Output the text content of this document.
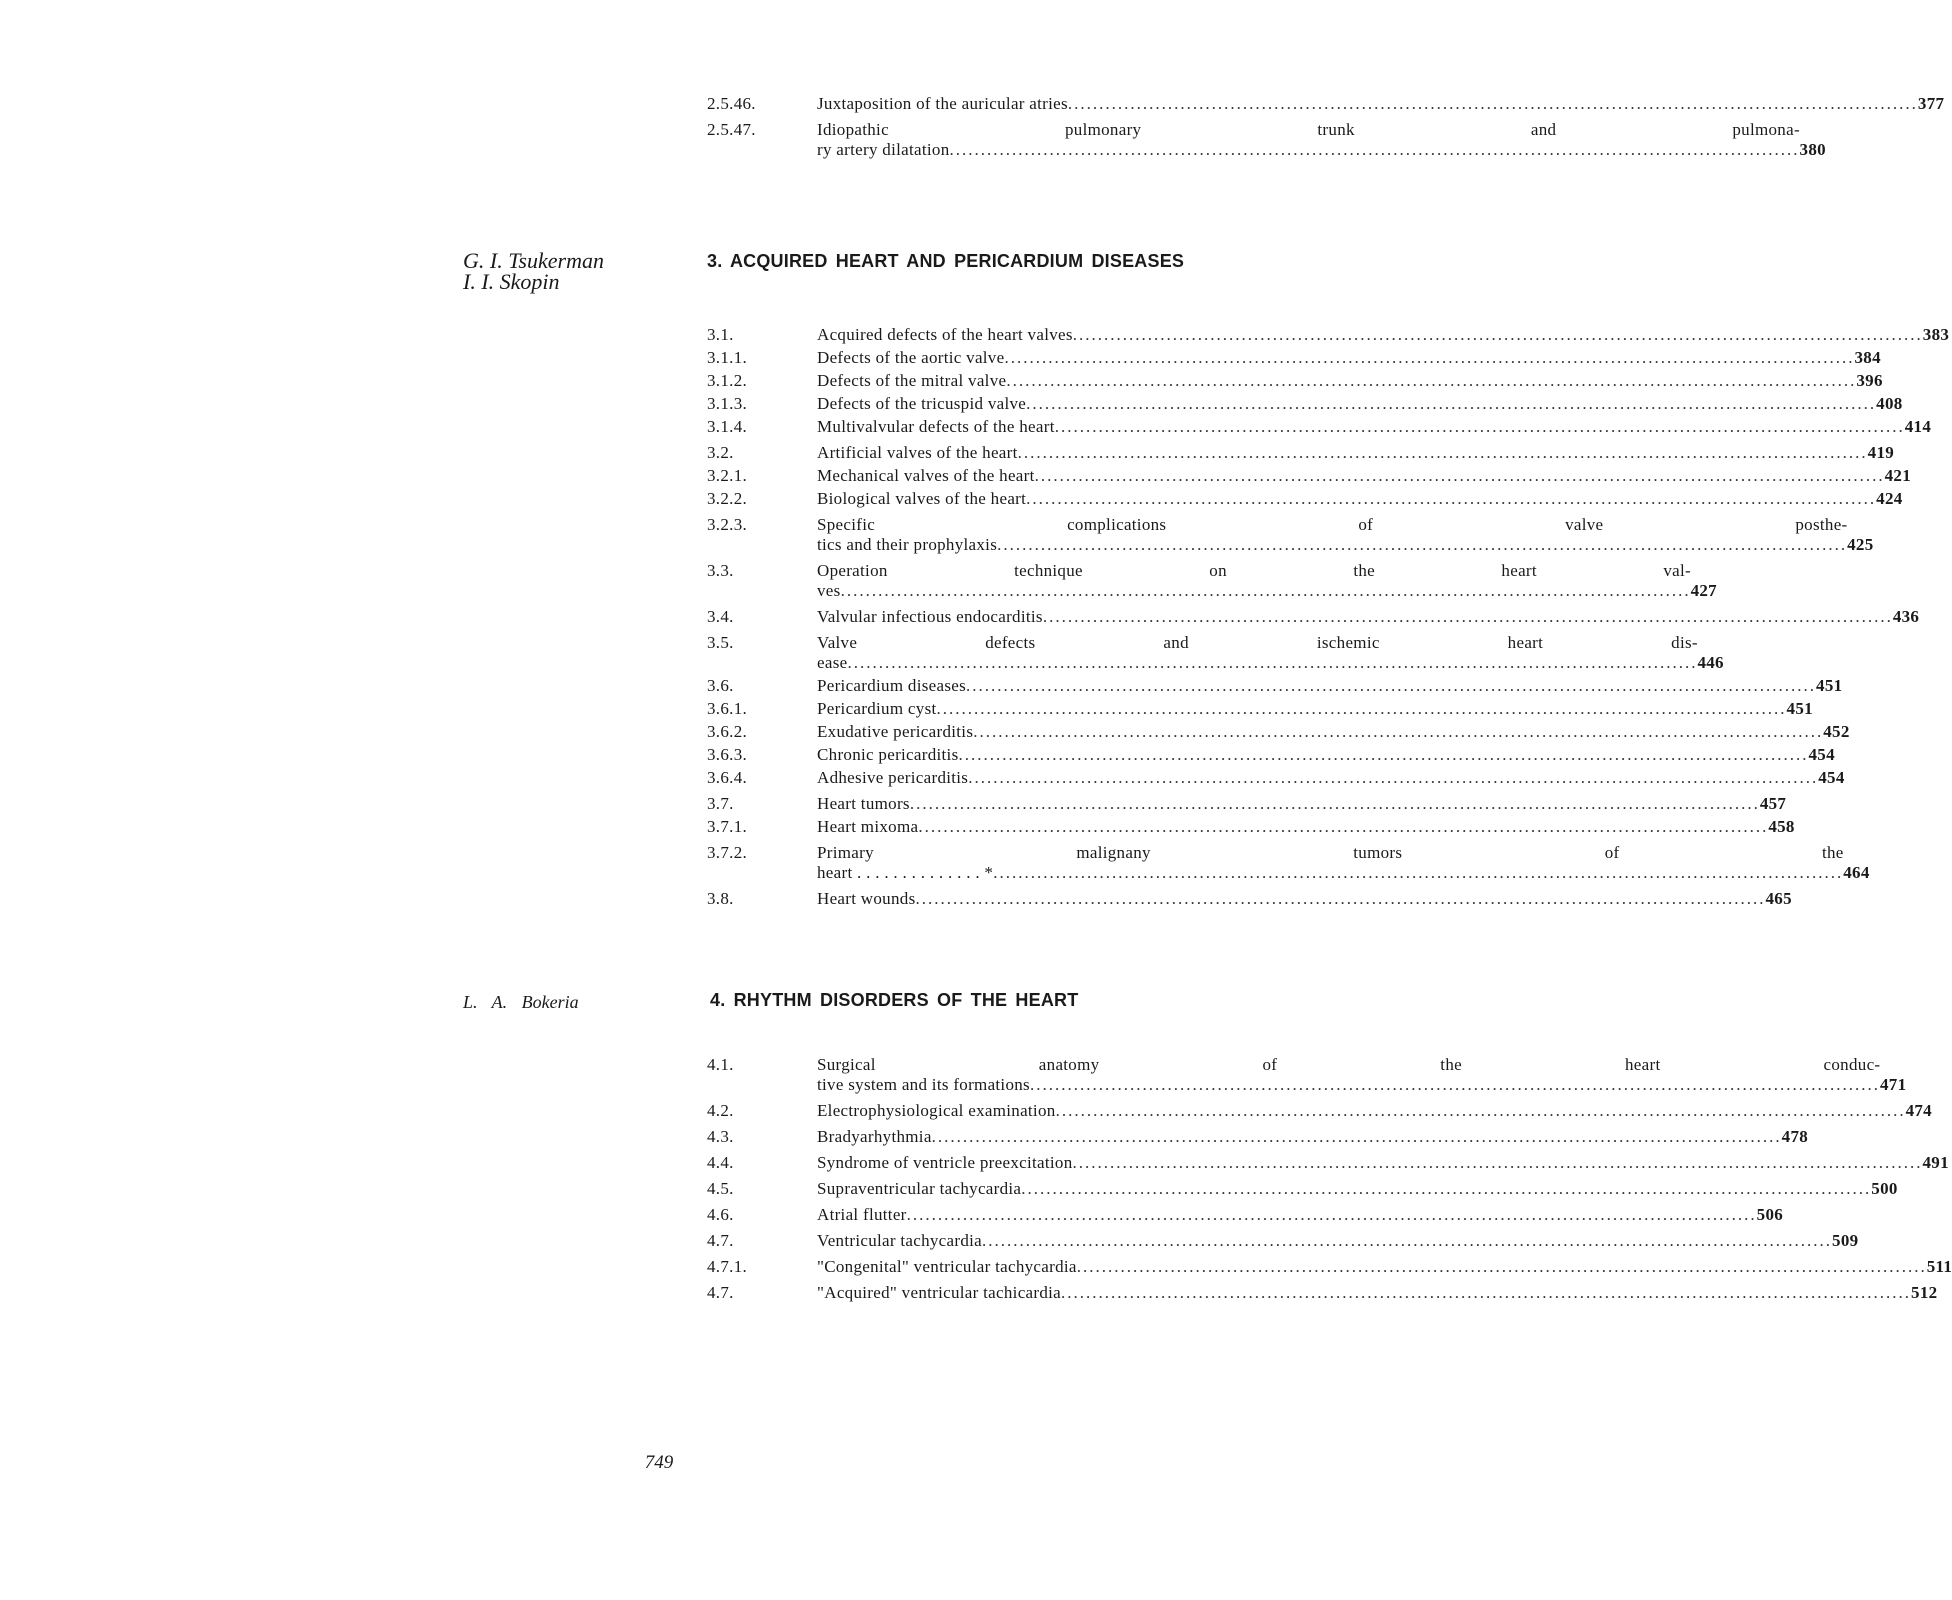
2.5.46.	Juxtaposition of the auricular atries .....	377
2.5.47.	Idiopathic pulmonary trunk and pulmona-
ry artery dilatation .....	380
G. I. Tsukerman
I. I. Skopin
3. ACQUIRED HEART AND PERICARDIUM DISEASES
3.1.	Acquired defects of the heart valves .....	383
3.1.1.	Defects of the aortic valve .....	384
3.1.2.	Defects of the mitral valve .....	396
3.1.3.	Defects of the tricuspid valve .....	408
3.1.4.	Multivalvular defects of the heart .....	414
3.2.	Artificial valves of the heart .....	419
3.2.1.	Mechanical valves of the heart .....	421
3.2.2.	Biological valves of the heart .....	424
3.2.3.	Specific complications of valve posthe-
tics and their prophylaxis .....	425
3.3.	Operation technique on the heart val-
ves .....	427
3.4.	Valvular infectious endocarditis .....	436
3.5.	Valve defects and ischemic heart dis-
ease .....	446
3.6.	Pericardium diseases .....	451
3.6.1.	Pericardium cyst .....	451
3.6.2.	Exudative pericarditis .....	452
3.6.3.	Chronic pericarditis .....	454
3.6.4.	Adhesive pericarditis .....	454
3.7.	Heart tumors .....	457
3.7.1.	Heart mixoma .....	458
3.7.2.	Primary malignany tumors of the
heart . . . . . . . . . . . . . . * .....	464
3.8.	Heart wounds .....	465
L. A. Bokeria	4. RHYTHM DISORDERS OF THE HEART
4.1.	Surgical anatomy of the heart conduc-
tive system and its formations .....	471
4.2.	Electrophysiological examination .....	474
4.3.	Bradyarhythmia .....	478
4.4.	Syndrome of ventricle preexcitation .....	491
4.5.	Supraventricular tachycardia .....	500
4.6.	Atrial flutter .....	506
4.7.	Ventricular tachycardia .....	509
4.7.1.	"Congenital" ventricular tachycardia .....	511
4.7.	"Acquired" ventricular tachicardia .....	512
749
